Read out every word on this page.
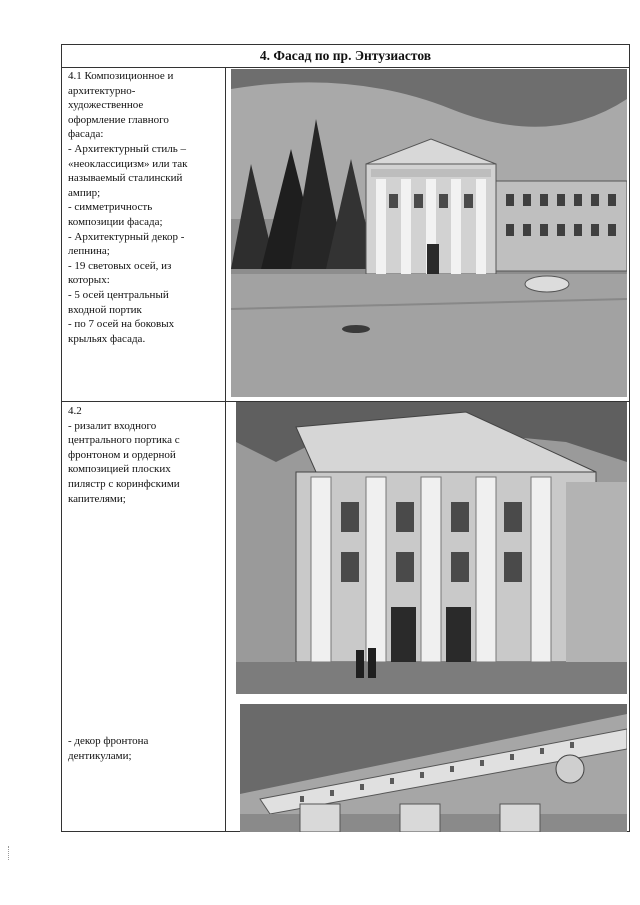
4. Фасад по пр. Энтузиастов

4.1 Композиционное и

архитектурно-

художественное

оформление главного

фасада:

- Архитектурный стиль –

«неоклассицизм» или так

называемый сталинский

ампир;

- симметричность

композиции фасада;

- Архитектурный декор -

лепнина;

- 19 световых осей, из

которых:

- 5 осей центральный

входной портик

- по 7 осей на боковых

крыльях фасада.

4.2

- ризалит входного

центрального портика с

фронтоном и ордерной

композицией плоских

пилястр с коринфскими

капителями;

- декор фронтона

дентикулами;
